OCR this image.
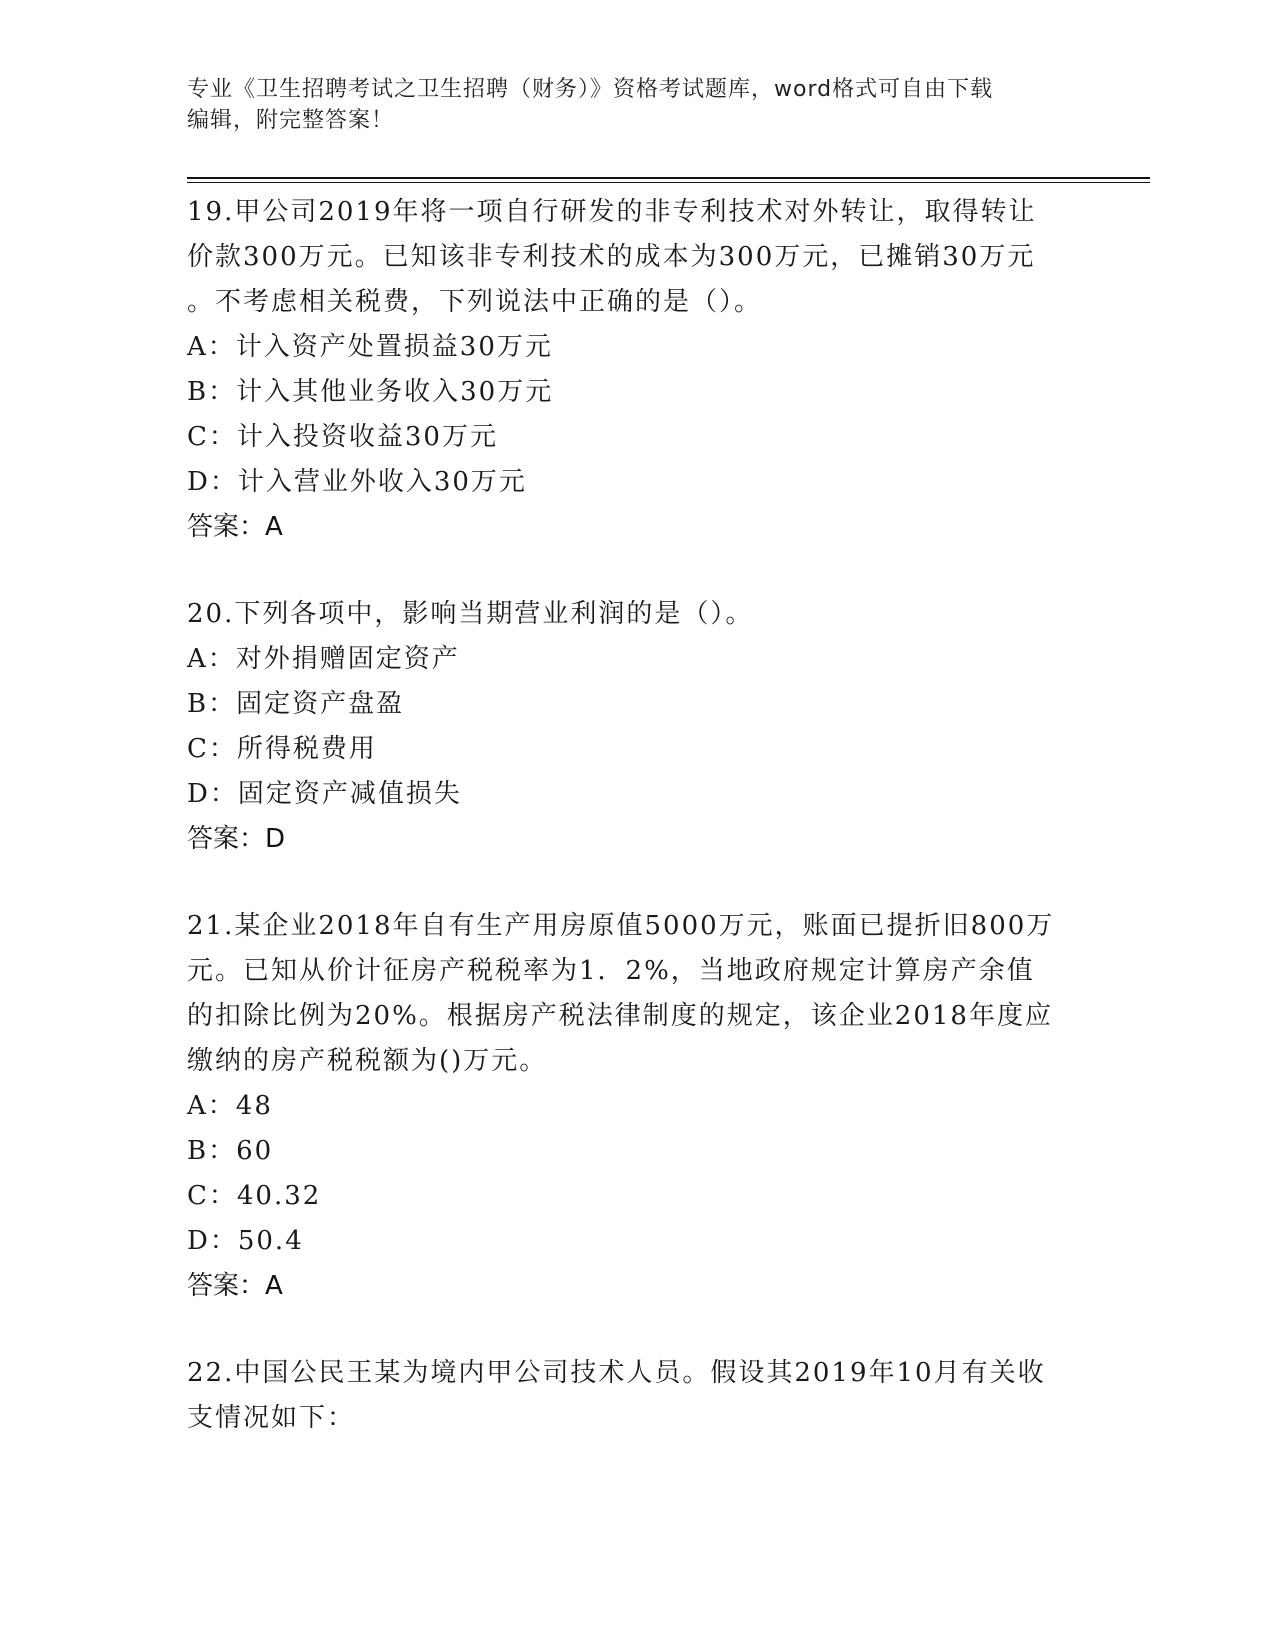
专业《卫生招聘考试之卫生招聘（财务）》资格考试题库，word格式可自由下载
编辑，附完整答案！

19.甲公司2019年将一项自行研发的非专利技术对外转让，取得转让

价款300万元。已知该非专利技术的成本为300万元，已摊销30万元

。不考虑相关税费，下列说法中正确的是（）。

A：计入资产处置损益30万元

B：计入其他业务收入30万元

C：计入投资收益30万元

D：计入营业外收入30万元

答案：A

20.下列各项中，影响当期营业利润的是（）。

A：对外捐赠固定资产

B：固定资产盘盈

C：所得税费用

D：固定资产减值损失

答案：D

21.某企业2018年自有生产用房原值5000万元，账面已提折旧800万

元。已知从价计征房产税税率为1．2%，当地政府规定计算房产余值

的扣除比例为20%。根据房产税法律制度的规定，该企业2018年度应

缴纳的房产税税额为()万元。

A：48

B：60

C：40.32

D：50.4

答案：A

22.中国公民王某为境内甲公司技术人员。假设其2019年10月有关收

支情况如下：
